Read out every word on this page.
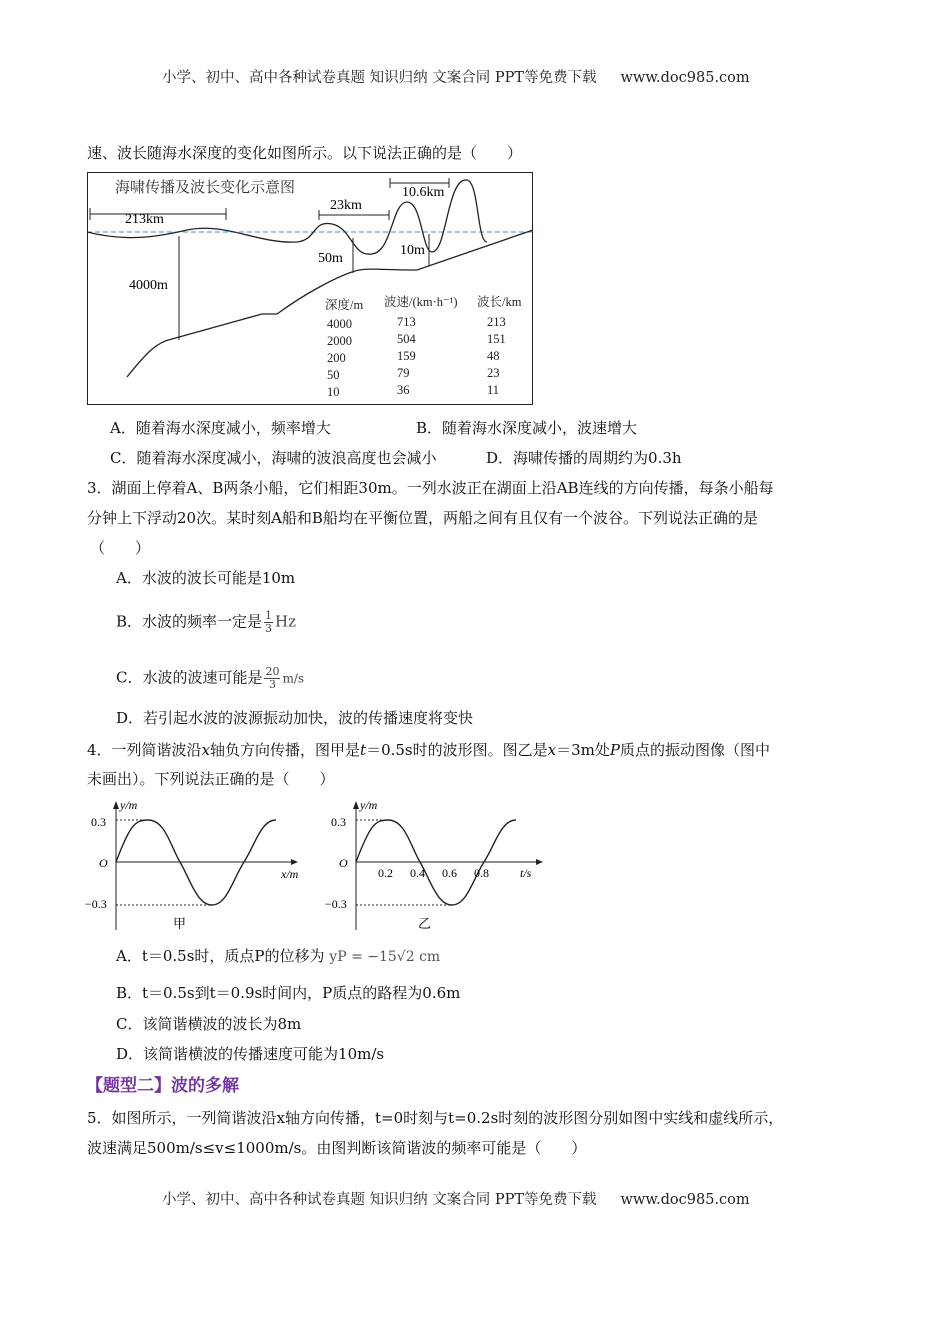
小学、初中、高中各种试卷真题 知识归纳 文案合同 PPT等免费下载 www.doc985.com
速、波长随海水深度的变化如图所示。以下说法正确的是（　　）
海啸传播及波长变化示意图
213km
23km
10.6km
4000m
50m
10m
深度/m 波速/(km·h⁻¹) 波长/km
4000	713	213
2000	504	151
200	159	48
50	79	23
10	36	11
A．随着海水深度减小，频率增大	B．随着海水深度减小，波速增大
C．随着海水深度减小，海啸的波浪高度也会减小	D．海啸传播的周期约为0.3h
3．湖面上停着A、B两条小船，它们相距30m。一列水波正在湖面上沿AB连线的方向传播，每条小船每
分钟上下浮动20次。某时刻A船和B船均在平衡位置，两船之间有且仅有一个波谷。下列说法正确的是
（　　）
A．水波的波长可能是10m
B．水波的频率一定是 $\frac{1}{3}$ Hz
C．水波的波速可能是 $\frac{20}{3} m/s$
D．若引起水波的波源振动加快，波的传播速度将变快
4．一列简谐波沿x轴负方向传播，图甲是t＝0.5s时的波形图。图乙是x＝3m处P质点的振动图像（图中
未画出）。下列说法正确的是（　　）
y/m
0.3
O
−0.3
x/m
甲
y/m
0.3
O
−0.3
0.2 0.4 0.6 0.8	t/s
乙
A．t＝0.5s时，质点P的位移为 yP = −15√2 cm
B．t＝0.5s到t＝0.9s时间内，P质点的路程为0.6m
C．该简谐横波的波长为8m
D．该简谐横波的传播速度可能为10m/s
【题型二】波的多解
5．如图所示，一列简谐波沿x轴方向传播，t=0时刻与t=0.2s时刻的波形图分别如图中实线和虚线所示，
波速满足500m/s≤v≤1000m/s。由图判断该简谐波的频率可能是（　　）
小学、初中、高中各种试卷真题 知识归纳 文案合同 PPT等免费下载 www.doc985.com
